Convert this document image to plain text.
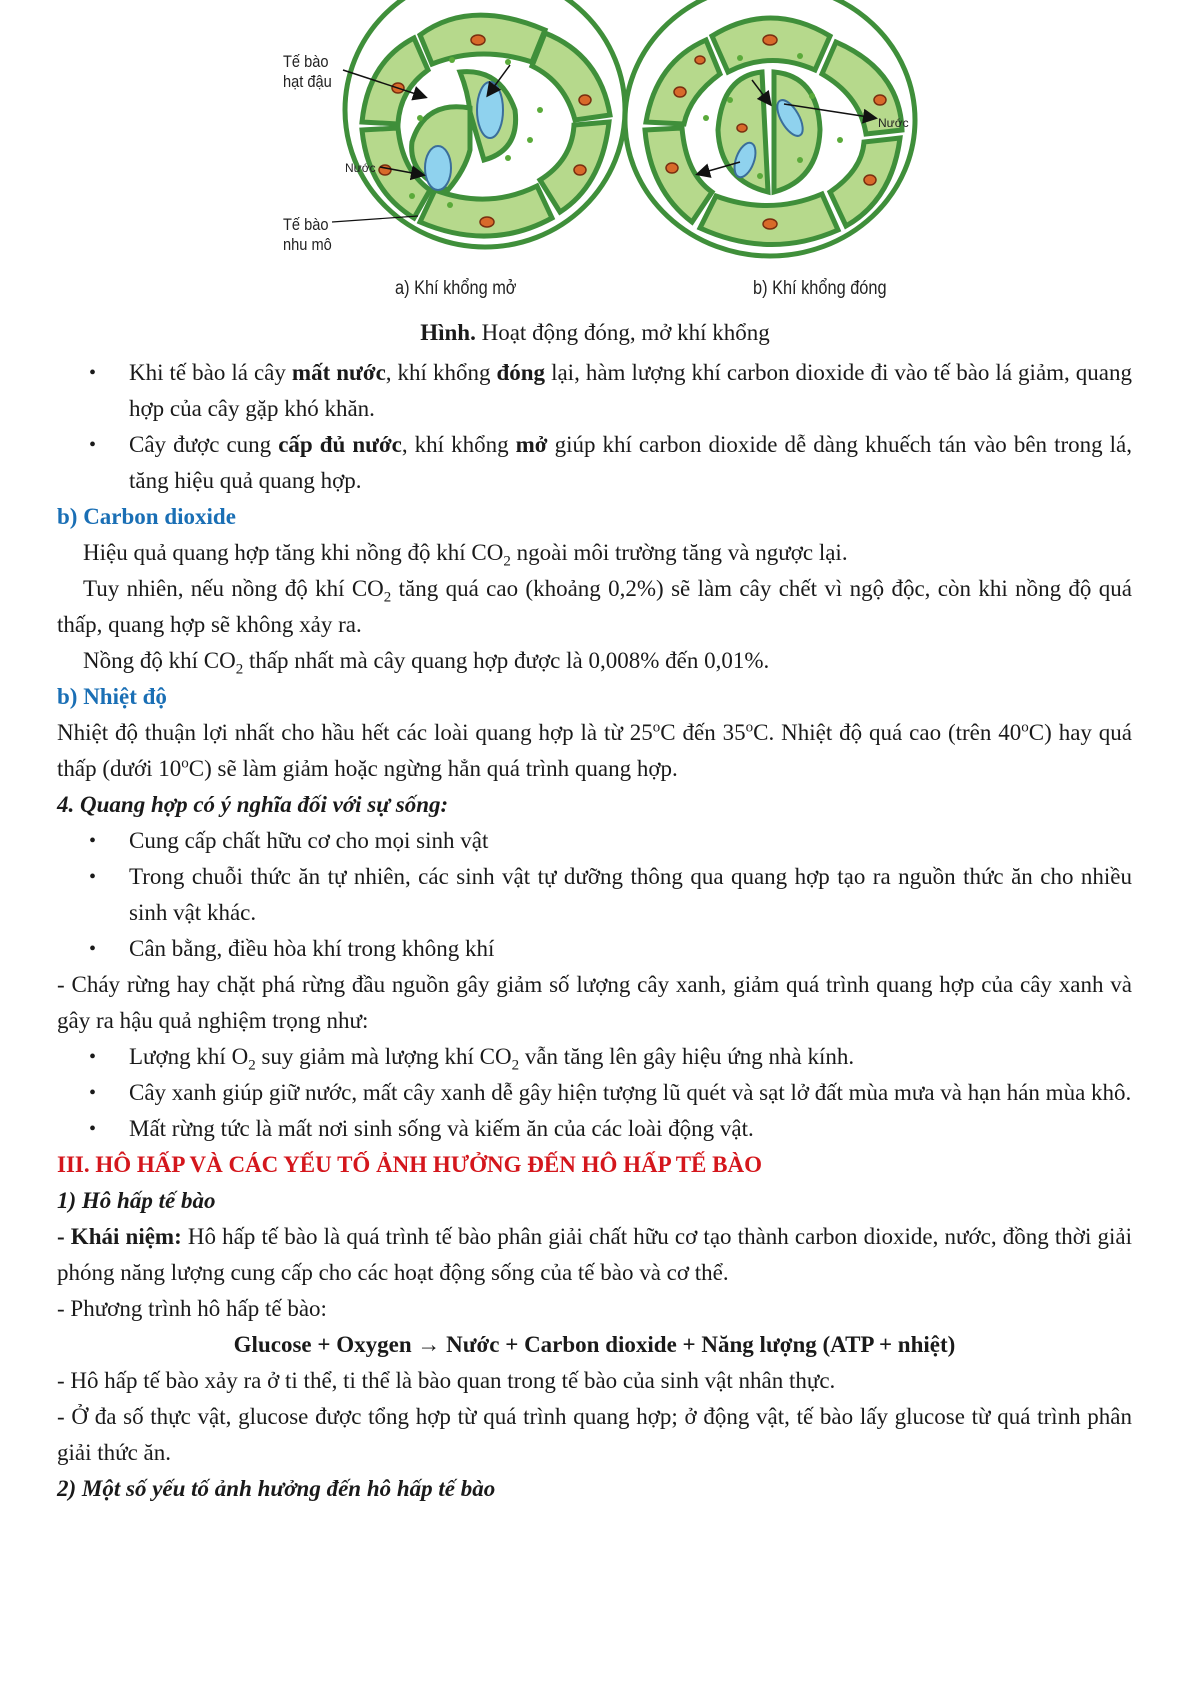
Tế bào
hạt đậu
Nước
Tế bào
nhu mô
Nước
a) Khí khổng mở	b) Khí khổng đóng
Hình. Hoạt động đóng, mở khí khổng
• Khi tế bào lá cây mất nước, khí khổng đóng lại, hàm lượng khí carbon dioxide đi vào tế bào lá giảm, quang hợp của cây gặp khó khăn.
• Cây được cung cấp đủ nước, khí khổng mở giúp khí carbon dioxide dễ dàng khuếch tán vào bên trong lá, tăng hiệu quả quang hợp.

b) Carbon dioxide

Hiệu quả quang hợp tăng khi nồng độ khí $CO_2$ ngoài môi trường tăng và ngược lại.

Tuy nhiên, nếu nồng độ khí $CO_2$ tăng quá cao (khoảng 0,2%) sẽ làm cây chết vì ngộ độc, còn khi nồng độ quá thấp, quang hợp sẽ không xảy ra.

Nồng độ khí $CO_2$ thấp nhất mà cây quang hợp được là 0,008% đến 0,01%.

b) Nhiệt độ

Nhiệt độ thuận lợi nhất cho hầu hết các loài quang hợp là từ 25$^o$C đến 35$^o$C. Nhiệt độ quá cao (trên 40$^o$C) hay quá thấp (dưới 10$^o$C) sẽ làm giảm hoặc ngừng hẳn quá trình quang hợp.

4. Quang hợp có ý nghĩa đối với sự sống:

• Cung cấp chất hữu cơ cho mọi sinh vật
• Trong chuỗi thức ăn tự nhiên, các sinh vật tự dưỡng thông qua quang hợp tạo ra nguồn thức ăn cho nhiều sinh vật khác.
• Cân bằng, điều hòa khí trong không khí

- Cháy rừng hay chặt phá rừng đầu nguồn gây giảm số lượng cây xanh, giảm quá trình quang hợp của cây xanh và gây ra hậu quả nghiệm trọng như:

• Lượng khí $O_2$ suy giảm mà lượng khí $CO_2$ vẫn tăng lên gây hiệu ứng nhà kính.
• Cây xanh giúp giữ nước, mất cây xanh dễ gây hiện tượng lũ quét và sạt lở đất mùa mưa và hạn hán mùa khô.
• Mất rừng tức là mất nơi sinh sống và kiếm ăn của các loài động vật.

III. HÔ HẤP VÀ CÁC YẾU TỐ ẢNH HƯỞNG ĐẾN HÔ HẤP TẾ BÀO

1) Hô hấp tế bào

- Khái niệm: Hô hấp tế bào là quá trình tế bào phân giải chất hữu cơ tạo thành carbon dioxide, nước, đồng thời giải phóng năng lượng cung cấp cho các hoạt động sống của tế bào và cơ thể.

- Phương trình hô hấp tế bào:

Glucose + Oxygen → Nước + Carbon dioxide + Năng lượng (ATP + nhiệt)

- Hô hấp tế bào xảy ra ở ti thể, ti thể là bào quan trong tế bào của sinh vật nhân thực.

- Ở đa số thực vật, glucose được tổng hợp từ quá trình quang hợp; ở động vật, tế bào lấy glucose từ quá trình phân giải thức ăn.

2) Một số yếu tố ảnh hưởng đến hô hấp tế bào
